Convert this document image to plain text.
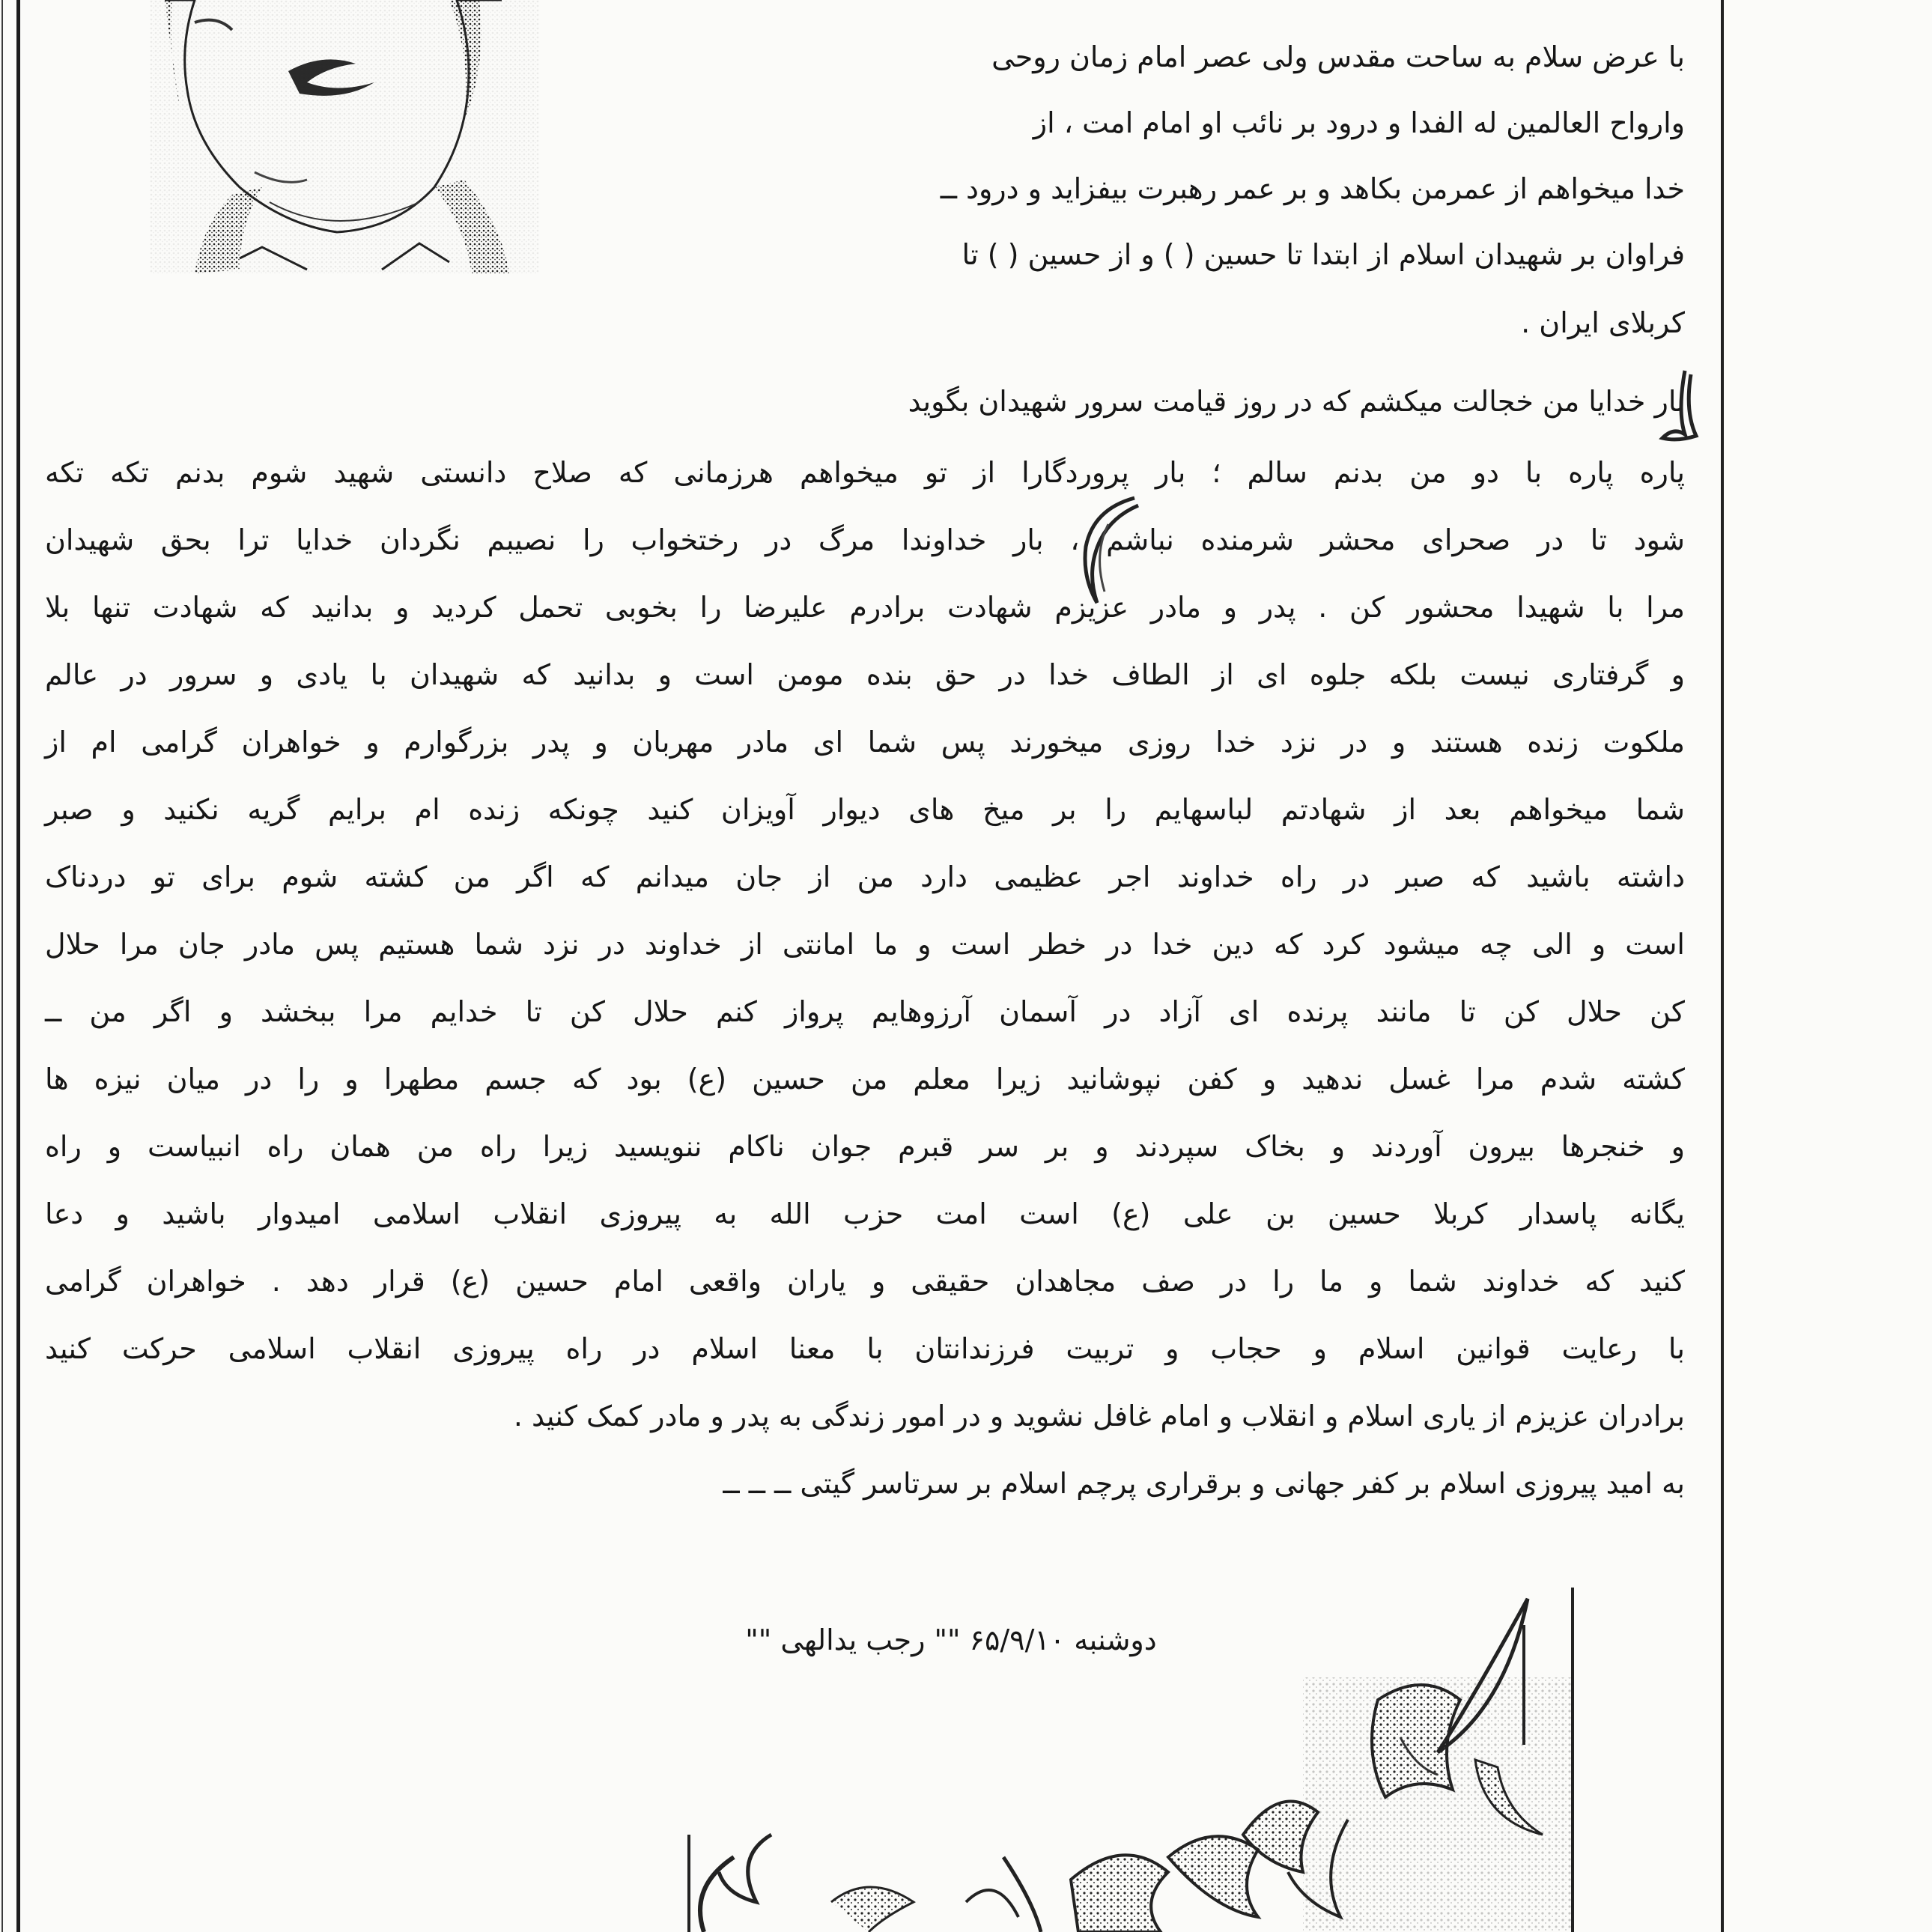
با عرض سلام به ساحت مقدس ولی عصر امام زمان روحی
وارواح العالمین له الفدا و درود بر نائب او امام امت ، از
خدا میخواهم از عمرمن بکاهد و بر عمر رهبرت بیفزاید و درود ــ
فراوان بر شهیدان اسلام از ابتدا تا حسین ( ) و از حسین ( ) تا
کربلای ایران .
بار خدایا من خجالت میکشم که در روز قیامت سرور شهیدان بگوید
پاره پاره با دو من بدنم سالم ؛ بار پروردگارا از تو میخواهم هرزمانی که صلاح دانستی شهید شوم بدنم تکه تکه
شود تا در صحرای محشر شرمنده نباشم ، بار خداوندا مرگ در رختخواب را نصیبم نگردان خدایا ترا بحق شهیدان
مرا با شهیدا محشور کن . پدر و مادر عزیزم شهادت برادرم علیرضا را بخوبی تحمل کردید و بدانید که شهادت تنها بلا
و گرفتاری نیست بلکه جلوه ای از الطاف خدا در حق بنده مومن است و بدانید که شهیدان با یادی و سرور در عالم
ملکوت زنده هستند و در نزد خدا روزی میخورند پس شما ای مادر مهربان و پدر بزرگوارم و خواهران گرامی ام از
شما میخواهم بعد از شهادتم لباسهایم را بر میخ های دیوار آویزان کنید چونکه زنده ام برایم گریه نکنید و صبر
داشته باشید که صبر در راه خداوند اجر عظیمی دارد من از جان میدانم که اگر من کشته شوم برای تو دردناک
است و الی چه میشود کرد که دین خدا در خطر است و ما امانتی از خداوند در نزد شما هستیم پس مادر جان مرا حلال
کن حلال کن تا مانند پرنده ای آزاد در آسمان آرزوهایم پرواز کنم حلال کن تا خدایم مرا ببخشد و اگر من ــ
کشته شدم مرا غسل ندهید و کفن نپوشانید زیرا معلم من حسین (ع) بود که جسم مطهرا و را در میان نیزه ها
و خنجرها بیرون آوردند و بخاک سپردند و بر سر قبرم جوان ناکام ننویسید زیرا راه من همان راه انبیاست و راه
یگانه پاسدار کربلا حسین بن علی (ع) است امت حزب الله به پیروزی انقلاب اسلامی امیدوار باشید و دعا
کنید که خداوند شما و ما را در صف مجاهدان حقیقی و یاران واقعی امام حسین (ع) قرار دهد . خواهران گرامی
با رعایت قوانین اسلام و حجاب و تربیت فرزندانتان با معنا اسلام در راه پیروزی انقلاب اسلامی حرکت کنید
برادران عزیزم از یاری اسلام و انقلاب و امام غافل نشوید و در امور زندگی به پدر و مادر کمک کنید .
به امید پیروزی اسلام بر کفر جهانی و برقراری پرچم اسلام بر سرتاسر گیتی ــ ــ ــ
دوشنبه ۶۵/۹/۱۰ "" رجب یدالهی ""
